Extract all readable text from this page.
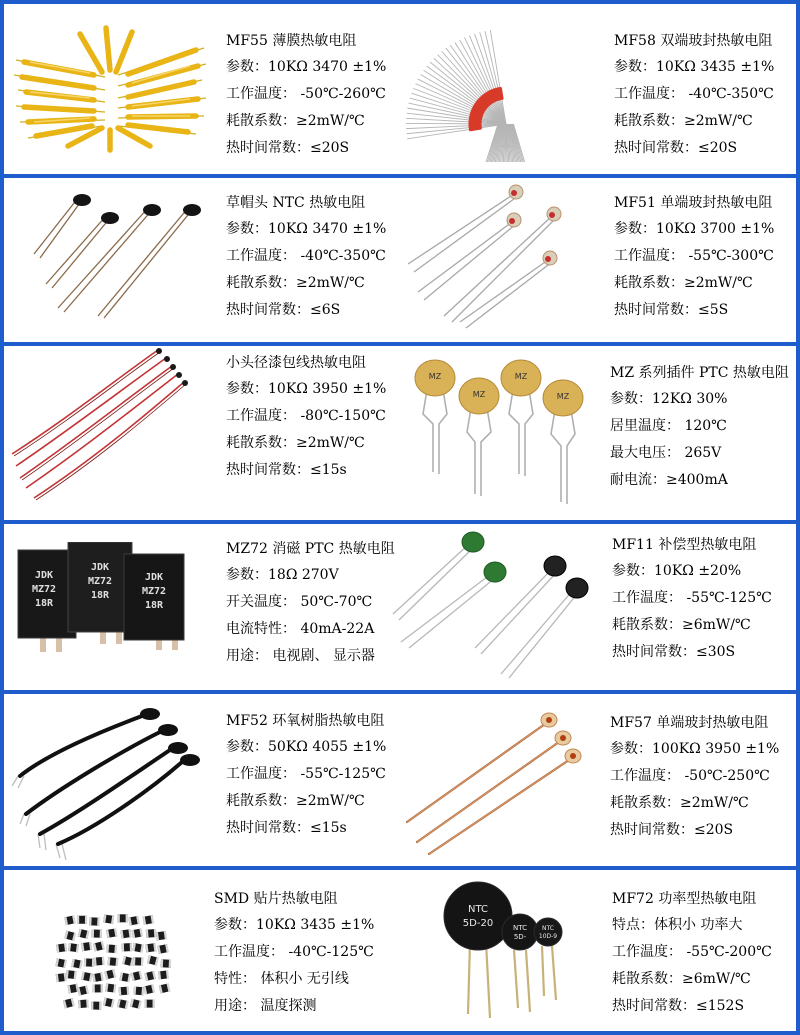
MF55 薄膜热敏电阻
参数：10KΩ 3470 ±1%
工作温度： -50℃-260℃
耗散系数：≥2mW/℃
热时间常数：≤20S
MF58 双端玻封热敏电阻
参数：10KΩ 3435 ±1%
工作温度： -40℃-350℃
耗散系数：≥2mW/℃
热时间常数：≤20S
草帽头 NTC 热敏电阻
参数：10KΩ 3470 ±1%
工作温度： -40℃-350℃
耗散系数：≥2mW/℃
热时间常数：≤6S
MF51 单端玻封热敏电阻
参数：10KΩ 3700 ±1%
工作温度： -55℃-300℃
耗散系数：≥2mW/℃
热时间常数：≤5S
小头径漆包线热敏电阻
参数：10KΩ 3950 ±1%
工作温度： -80℃-150℃
耗散系数：≥2mW/℃
热时间常数：≤15s
MZ
MZ
MZ
MZ
MZ 系列插件 PTC 热敏电阻
参数：12KΩ 30%
居里温度： 120℃
最大电压： 265V
耐电流：≥400mA
JDK
MZ72
18R
JDK
MZ72
18R
JDK
MZ72
18R
MZ72 消磁 PTC 热敏电阻
参数：18Ω 270V
开关温度： 50℃-70℃
电流特性： 40mA-22A
用途： 电视剧、 显示器
MF11 补偿型热敏电阻
参数：10KΩ ±20%
工作温度： -55℃-125℃
耗散系数：≥6mW/℃
热时间常数：≤30S
MF52 环氧树脂热敏电阻
参数：50KΩ 4055 ±1%
工作温度： -55℃-125℃
耗散系数：≥2mW/℃
热时间常数：≤15s
MF57 单端玻封热敏电阻
参数：100KΩ 3950 ±1%
工作温度： -50℃-250℃
耗散系数：≥2mW/℃
热时间常数：≤20S
SMD 贴片热敏电阻
参数：10KΩ 3435 ±1%
工作温度： -40℃-125℃
特性： 体积小 无引线
用途： 温度探测
NTC
5D-20	NTC
5D-
NTC
10D-9
MF72 功率型热敏电阻
特点：体积小 功率大
工作温度： -55℃-200℃
耗散系数：≥6mW/℃
热时间常数：≤152S
